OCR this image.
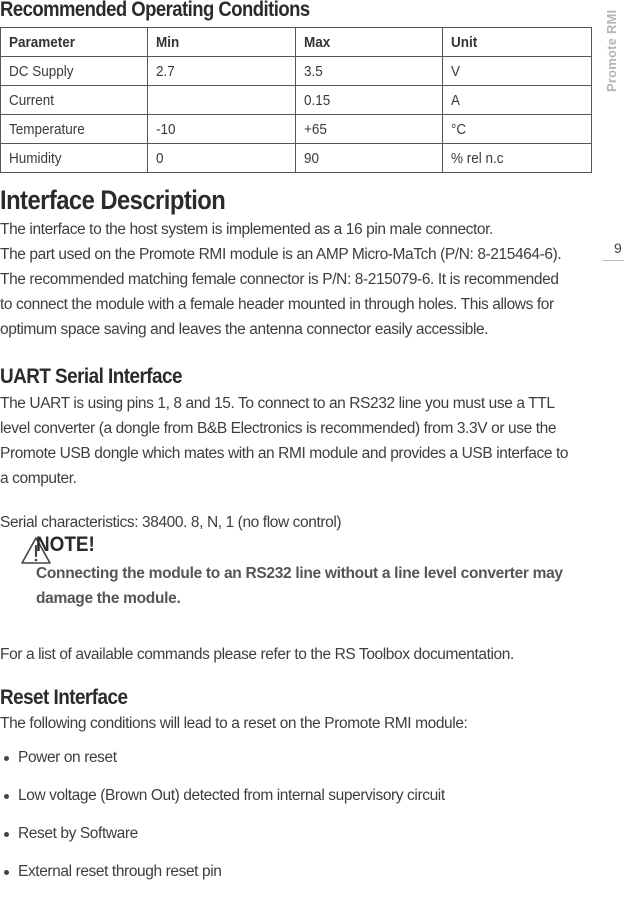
Recommended Operating Conditions
Parameter	Min	Max	Unit
DC Supply	2.7	3.5	V
Current		0.15	A
Temperature	-10	+65	°C
Humidity	0	90	% rel n.c
Interface Description
The interface to the host system is implemented as a 16 pin male connector.
The part used on the Promote RMI module is an AMP Micro-MaTch (P/N: 8-215464-6).
The recommended matching female connector is P/N: 8-215079-6. It is recommended
to connect the module with a female header mounted in through holes. This allows for
optimum space saving and leaves the antenna connector easily accessible.
UART Serial Interface
The UART is using pins 1, 8 and 15. To connect to an RS232 line you must use a TTL
level converter (a dongle from B&B Electronics is recommended) from 3.3V or use the
Promote USB dongle which mates with an RMI module and provides a USB interface to
a computer.
Serial characteristics: 38400. 8, N, 1 (no flow control)
NOTE!
Connecting the module to an RS232 line without a line level converter may
damage the module.
For a list of available commands please refer to the RS Toolbox documentation.
Reset Interface
The following conditions will lead to a reset on the Promote RMI module:
Power on reset
Low voltage (Brown Out) detected from internal supervisory circuit
Reset by Software
External reset through reset pin
Promote RMI
9
